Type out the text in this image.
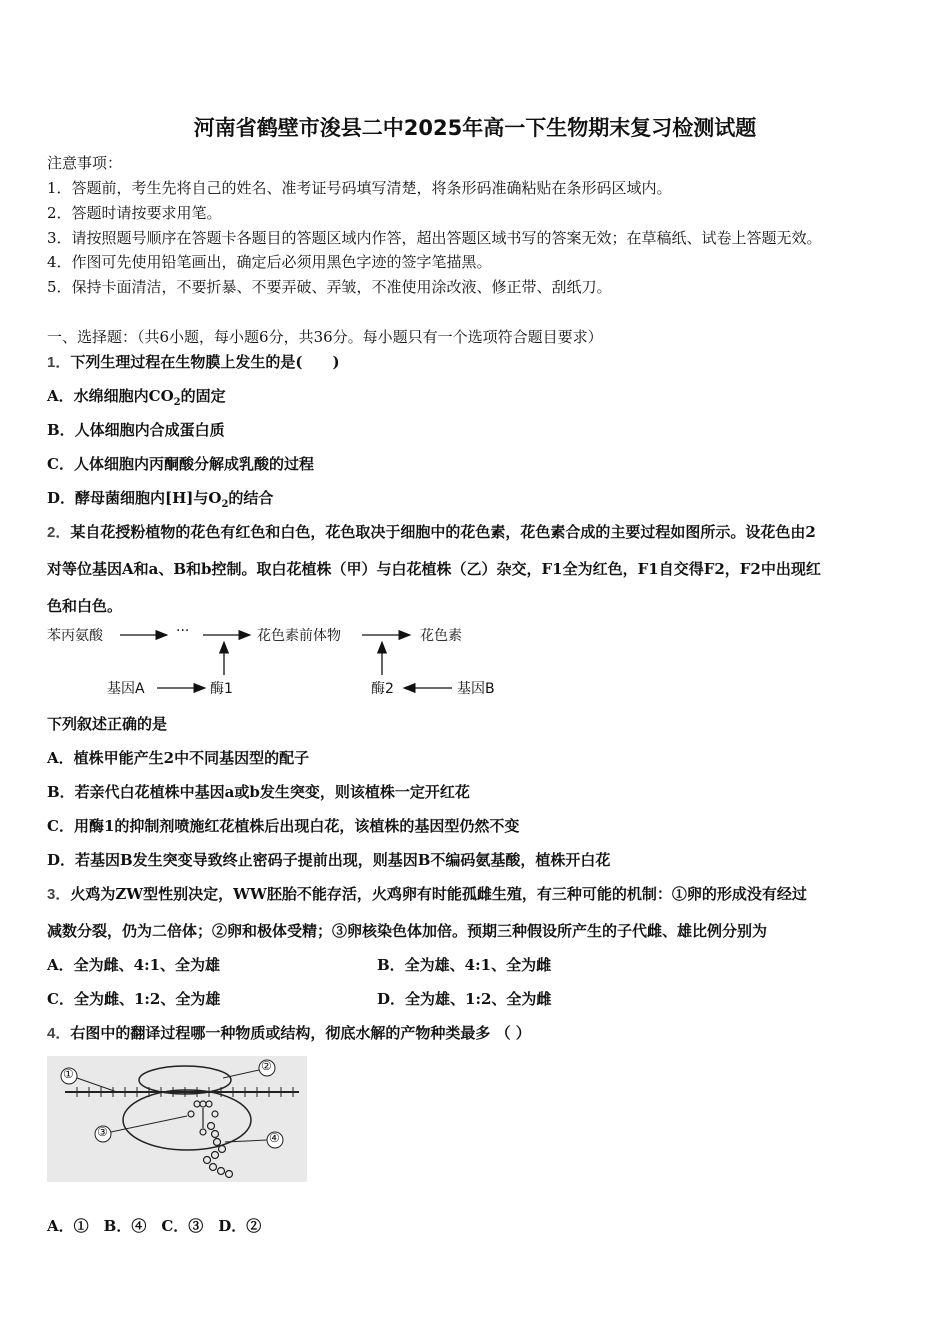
河南省鹤壁市浚县二中2025年高一下生物期末复习检测试题
注意事项：
1．答题前，考生先将自己的姓名、准考证号码填写清楚，将条形码准确粘贴在条形码区域内。
2．答题时请按要求用笔。
3．请按照题号顺序在答题卡各题目的答题区域内作答，超出答题区域书写的答案无效；在草稿纸、试卷上答题无效。
4．作图可先使用铅笔画出，确定后必须用黑色字迹的签字笔描黑。
5．保持卡面清洁，不要折暴、不要弄破、弄皱，不准使用涂改液、修正带、刮纸刀。
一、选择题：（共6小题，每小题6分，共36分。每小题只有一个选项符合题目要求）
1．下列生理过程在生物膜上发生的是(　　)
A．水绵细胞内$CO_2$的固定
B．人体细胞内合成蛋白质
C．人体细胞内丙酮酸分解成乳酸的过程
D．酵母菌细胞内[H]与$O_2$的结合
2．某自花授粉植物的花色有红色和白色，花色取决于细胞中的花色素，花色素合成的主要过程如图所示。设花色由2
对等位基因A和a、B和b控制。取白花植株（甲）与白花植株（乙）杂交，F1全为红色，F1自交得F2，F2中出现红
色和白色。
苯丙氨酸	···	花色素前体物	花色素
基因A	酶1	酶2	基因B
下列叙述正确的是
A．植株甲能产生2中不同基因型的配子
B．若亲代白花植株中基因a或b发生突变，则该植株一定开红花
C．用酶1的抑制剂喷施红花植株后出现白花，该植株的基因型仍然不变
D．若基因B发生突变导致终止密码子提前出现，则基因B不编码氨基酸，植株开白花
3．火鸡为ZW型性别决定，WW胚胎不能存活，火鸡卵有时能孤雌生殖，有三种可能的机制：①卵的形成没有经过
减数分裂，仍为二倍体；②卵和极体受精；③卵核染色体加倍。预期三种假设所产生的子代雌、雄比例分别为
A．全为雌、4:1、全为雄	B．全为雄、4:1、全为雌
C．全为雌、1:2、全为雄	D．全为雄、1:2、全为雌
4．右图中的翻译过程哪一种物质或结构，彻底水解的产物种类最多 （ ）
①
②
③	④
A．①　B．④　C．③　D．②
